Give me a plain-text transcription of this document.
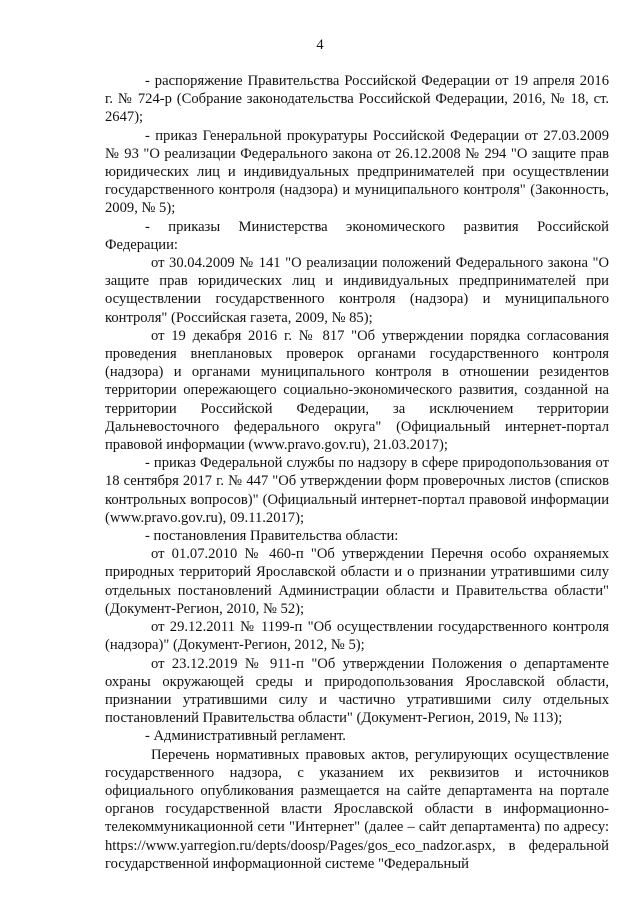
4

- распоряжение Правительства Российской Федерации от 19 апреля 2016 г. № 724-р (Собрание законодательства Российской Федерации, 2016, № 18, ст. 2647);

- приказ Генеральной прокуратуры Российской Федерации от 27.03.2009 № 93 "О реализации Федерального закона от 26.12.2008 № 294 "О защите прав юридических лиц и индивидуальных предпринимателей при осуществлении государственного контроля (надзора) и муниципального контроля" (Законность, 2009, № 5);

- приказы Министерства экономического развития Российской Федерации:

от 30.04.2009 № 141 "О реализации положений Федерального закона "О защите прав юридических лиц и индивидуальных предпринимателей при осуществлении государственного контроля (надзора) и муниципального контроля" (Российская газета, 2009, № 85);

от 19 декабря 2016 г. № 817 "Об утверждении порядка согласования проведения внеплановых проверок органами государственного контроля (надзора) и органами муниципального контроля в отношении резидентов территории опережающего социально-экономического развития, созданной на территории Российской Федерации, за исключением территории Дальневосточного федерального округа" (Официальный интернет-портал правовой информации (www.pravo.gov.ru), 21.03.2017);

- приказ Федеральной службы по надзору в сфере природопользования от 18 сентября 2017 г. № 447 "Об утверждении форм проверочных листов (списков контрольных вопросов)" (Официальный интернет-портал правовой информации (www.pravo.gov.ru), 09.11.2017);

- постановления Правительства области:

от 01.07.2010 № 460-п "Об утверждении Перечня особо охраняемых природных территорий Ярославской области и о признании утратившими силу отдельных постановлений Администрации области и Правительства области" (Документ-Регион, 2010, № 52);

от 29.12.2011 № 1199-п "Об осуществлении государственного контроля (надзора)" (Документ-Регион, 2012, № 5);

от 23.12.2019 № 911-п "Об утверждении Положения о департаменте охраны окружающей среды и природопользования Ярославской области, признании утратившими силу и частично утратившими силу отдельных постановлений Правительства области" (Документ-Регион, 2019, № 113);

- Административный регламент.

Перечень нормативных правовых актов, регулирующих осуществление государственного надзора, с указанием их реквизитов и источников официального опубликования размещается на сайте департамента на портале органов государственной власти Ярославской области в информационно-телекоммуникационной сети "Интернет" (далее – сайт департамента) по адресу: https://www.yarregion.ru/depts/doosp/Pages/gos_eco_nadzor.aspx, в федеральной государственной информационной системе "Федеральный
